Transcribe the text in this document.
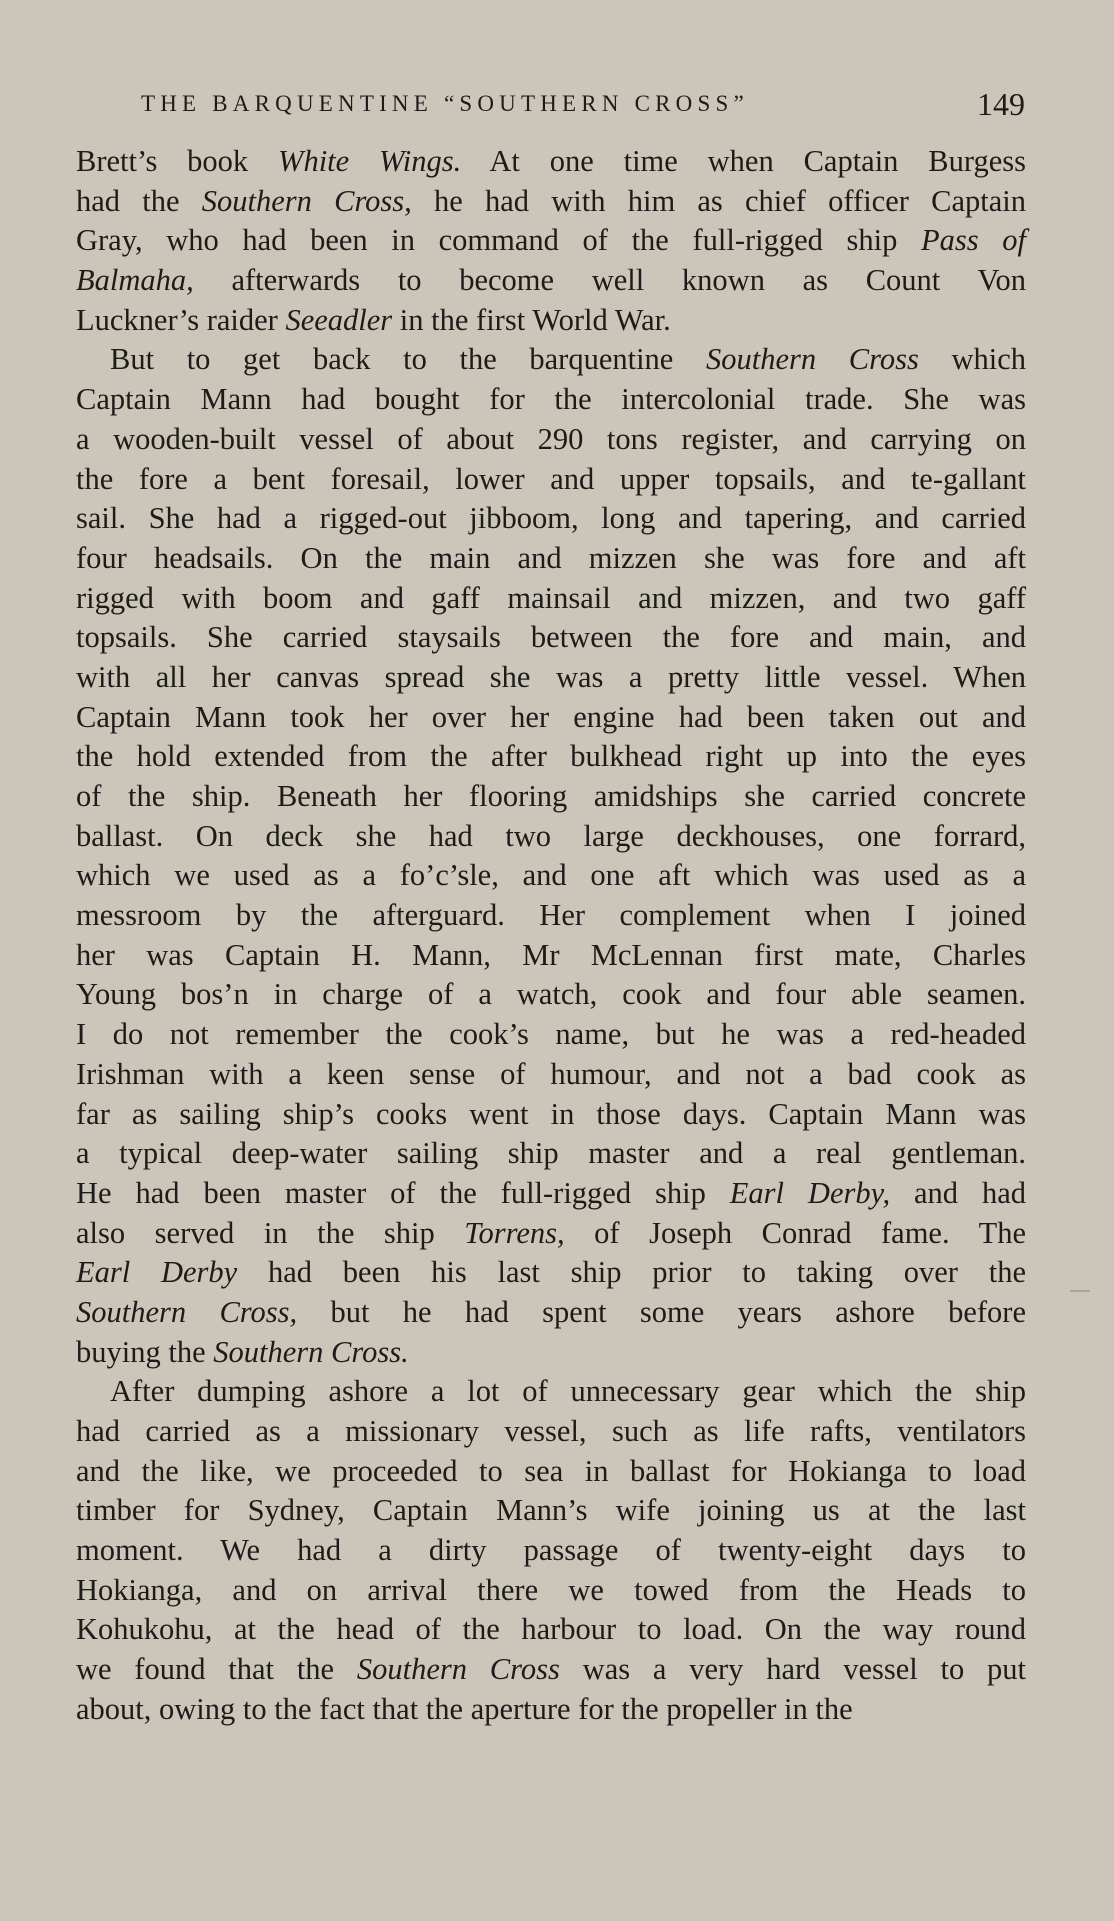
THE BARQUENTINE “SOUTHERN CROSS”	149
Brett’s book White Wings. At one time when Captain Burgess
had the Southern Cross, he had with him as chief officer Captain
Gray, who had been in command of the full-rigged ship Pass of
Balmaha, afterwards to become well known as Count Von
Luckner’s raider Seeadler in the first World War.
But to get back to the barquentine Southern Cross which
Captain Mann had bought for the intercolonial trade. She was
a wooden-built vessel of about 290 tons register, and carrying on
the fore a bent foresail, lower and upper topsails, and te-gallant
sail. She had a rigged-out jibboom, long and tapering, and carried
four headsails. On the main and mizzen she was fore and aft
rigged with boom and gaff mainsail and mizzen, and two gaff
topsails. She carried staysails between the fore and main, and
with all her canvas spread she was a pretty little vessel. When
Captain Mann took her over her engine had been taken out and
the hold extended from the after bulkhead right up into the eyes
of the ship. Beneath her flooring amidships she carried concrete
ballast. On deck she had two large deckhouses, one forrard,
which we used as a fo’c’sle, and one aft which was used as a
messroom by the afterguard. Her complement when I joined
her was Captain H. Mann, Mr McLennan first mate, Charles
Young bos’n in charge of a watch, cook and four able seamen.
I do not remember the cook’s name, but he was a red-headed
Irishman with a keen sense of humour, and not a bad cook as
far as sailing ship’s cooks went in those days. Captain Mann was
a typical deep-water sailing ship master and a real gentleman.
He had been master of the full-rigged ship Earl Derby, and had
also served in the ship Torrens, of Joseph Conrad fame. The
Earl Derby had been his last ship prior to taking over the
Southern Cross, but he had spent some years ashore before
buying the Southern Cross.
After dumping ashore a lot of unnecessary gear which the ship
had carried as a missionary vessel, such as life rafts, ventilators
and the like, we proceeded to sea in ballast for Hokianga to load
timber for Sydney, Captain Mann’s wife joining us at the last
moment. We had a dirty passage of twenty-eight days to
Hokianga, and on arrival there we towed from the Heads to
Kohukohu, at the head of the harbour to load. On the way round
we found that the Southern Cross was a very hard vessel to put
about, owing to the fact that the aperture for the propeller in the
